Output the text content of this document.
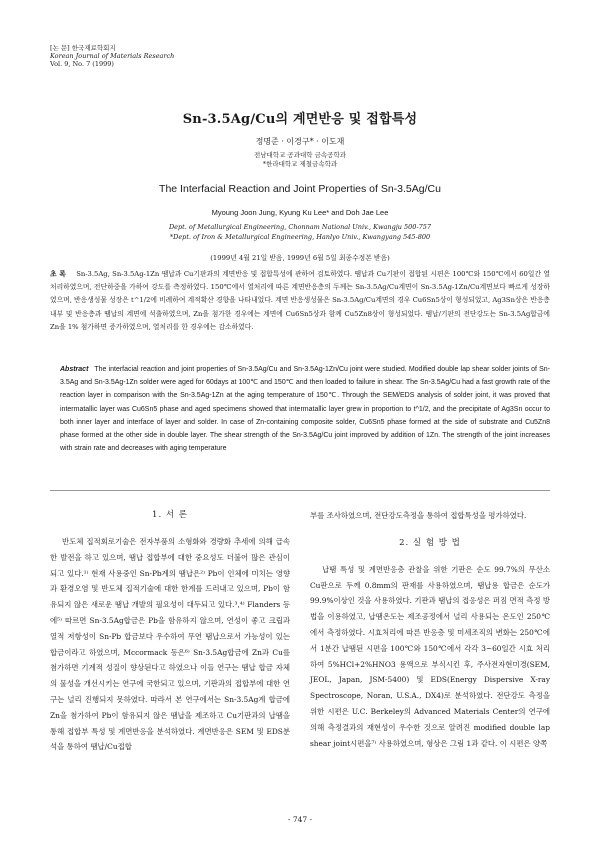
[논 문] 한국재료학회지
Korean Journal of Materials Research
Vol. 9, No. 7 (1999)
Sn-3.5Ag/Cu의 계면반응 및 접합특성
정명준 · 이경구* · 이도재
전남대학교 공과대학 금속공학과
*한라대학교 제철금속학과
The Interfacial Reaction and Joint Properties of Sn-3.5Ag/Cu
Myoung Joon Jung, Kyung Ku Lee* and Doh Jae Lee
Dept. of Metallurgical Engineering, Chonnam National Univ., Kwangju 500-757
*Dept. of Iron & Metallurgical Engineering, Hanlyo Univ., Kwangyang 545-800
(1999년 4월 21일 받음, 1999년 6월 5일 최종수정본 받음)
초 록 Sn-3.5Ag, Sn-3.5Ag-1Zn 땜납과 Cu기판과의 계면반응 및 접합특성에 관하여 검토하였다. 땜납과 Cu기판이 접합된 시편은 100℃와 150℃에서 60일간 열처리하였으며, 전단하중을 가하여 강도를 측정하였다. 150℃에서 열처리에 따른 계면반응층의 두께는 Sn-3.5Ag/Cu계면이 Sn-3.5Ag-1Zn/Cu계면보다 빠르게 성장하였으며, 반응생성물 성장은 t^1/2에 비례하여 계적확산 경향을 나타내었다. 계면 반응생성물은 Sn-3.5Ag/Cu계면의 경우 Cu6Sn5상이 형성되었고, Ag3Sn상은 반응층 내부 및 반응층과 땜납의 계면에 석출하였으며, Zn을 첨가한 경우에는 계면에 Cu6Sn5상과 함께 Cu5Zn8상이 형성되었다. 땜납/기판의 전단강도는 Sn-3.5Ag합금에 Zn을 1% 첨가하면 증가하였으며, 열처리를 한 경우에는 감소하였다.
Abstract The interfacial reaction and joint properties of Sn-3.5Ag/Cu and Sn-3.5Ag-1Zn/Cu joint were studied. Modified double lap shear solder joints of Sn-3.5Ag and Sn-3.5Ag-1Zn solder were aged for 60days at 100℃ and 150℃ and then loaded to failure in shear. The Sn-3.5Ag/Cu had a fast growth rate of the reaction layer in comparison with the Sn-3.5Ag-1Zn at the aging temperature of 150℃. Through the SEM/EDS analysis of solder joint, it was proved that intermatallic layer was Cu6Sn5 phase and aged specimens showed that intermatallic layer grew in proportion to t^1/2, and the precipitate of Ag3Sn occur to both inner layer and interface of layer and solder. In case of Zn-containing composite solder, Cu6Sn5 phase formed at the side of substrate and Cu5Zn8 phase formed at the other side in double layer. The shear strength of the Sn-3.5Ag/Cu joint improved by addition of 1Zn. The strength of the joint increases with strain rate and decreases with aging temperature
1. 서 론

반도체 집적회로기술은 전자부품의 소형화와 경량화 추세에 의해 급속한 발전을 하고 있으며, 땜납 접합부에 대한 중요성도 더불어 많은 관심이 되고 있다.¹⁾ 현재 사용중인 Sn-Pb계의 땜납은²⁾ Pb이 인체에 미치는 영향과 환경오염 및 반도체 집적기술에 대한 한계를 드러내고 있으며, Pb이 함유되지 않은 새로운 땜납 개발의 필요성이 대두되고 있다.³,⁴⁾ Flanders 등에⁵⁾ 따르면 Sn-3.5Ag합금은 Pb을 함유하지 않으며, 연성이 좋고 크립과 열적 저항성이 Sn-Pb 합금보다 우수하여 무연 땜납으로서 가능성이 있는 합금이라고 하였으며, Mccormack 등은⁶⁾ Sn-3.5Ag합금에 Zn과 Cu를 첨가하면 기계적 성질이 향상된다고 하였으나 이들 연구는 땜납 합금 자체의 물성을 개선시키는 연구에 국한되고 있으며, 기판과의 접합부에 대한 연구는 널리 진행되지 못하였다. 따라서 본 연구에서는 Sn-3.5Ag계 합금에 Zn을 첨가하여 Pb이 함유되지 않은 땜납을 제조하고 Cu기판과의 납땜을 통해 접합부 특성 및 계면반응을 분석하였다. 계면반응은 SEM 및 EDS분석을 통하여 땜납/Cu접합

부를 조사하였으며, 전단강도측정을 통하여 접합특성을 평가하였다.

2. 실 험 방 법

납땜 특성 및 계면반응층 관찰을 위한 기판은 순도 99.7%의 무산소 Cu판으로 두께 0.8mm의 판재를 사용하였으며, 땜납용 합금은 순도가 99.9%이상인 것을 사용하였다. 기판과 땜납의 접응성은 퍼짐 면적 측정 방법을 이용하였고, 납땜온도는 제조공정에서 널리 사용되는 온도인 250℃에서 측정하였다. 시효처리에 따른 반응층 및 미세조직의 변화는 250℃에서 1분간 납땜된 시편을 100℃와 150℃에서 각각 3~60일간 시효 처리하여 5%HCl+2%HNO3 용액으로 부식시킨 후, 주사전자현미경(SEM, JEOL, Japan, JSM-5400) 및 EDS(Energy Dispersive X-ray Spectroscope, Noran, U.S.A., DX4)로 분석하였다. 전단강도 측정을 위한 시편은 U.C. Berkeley의 Advanced Materials Center의 연구에 의해 측정결과의 재현성이 우수한 것으로 알려진 modified double lap shear joint시편을⁷⁾ 사용하였으며, 형상은 그림 1과 같다. 이 시편은 양쪽

- 747 -
